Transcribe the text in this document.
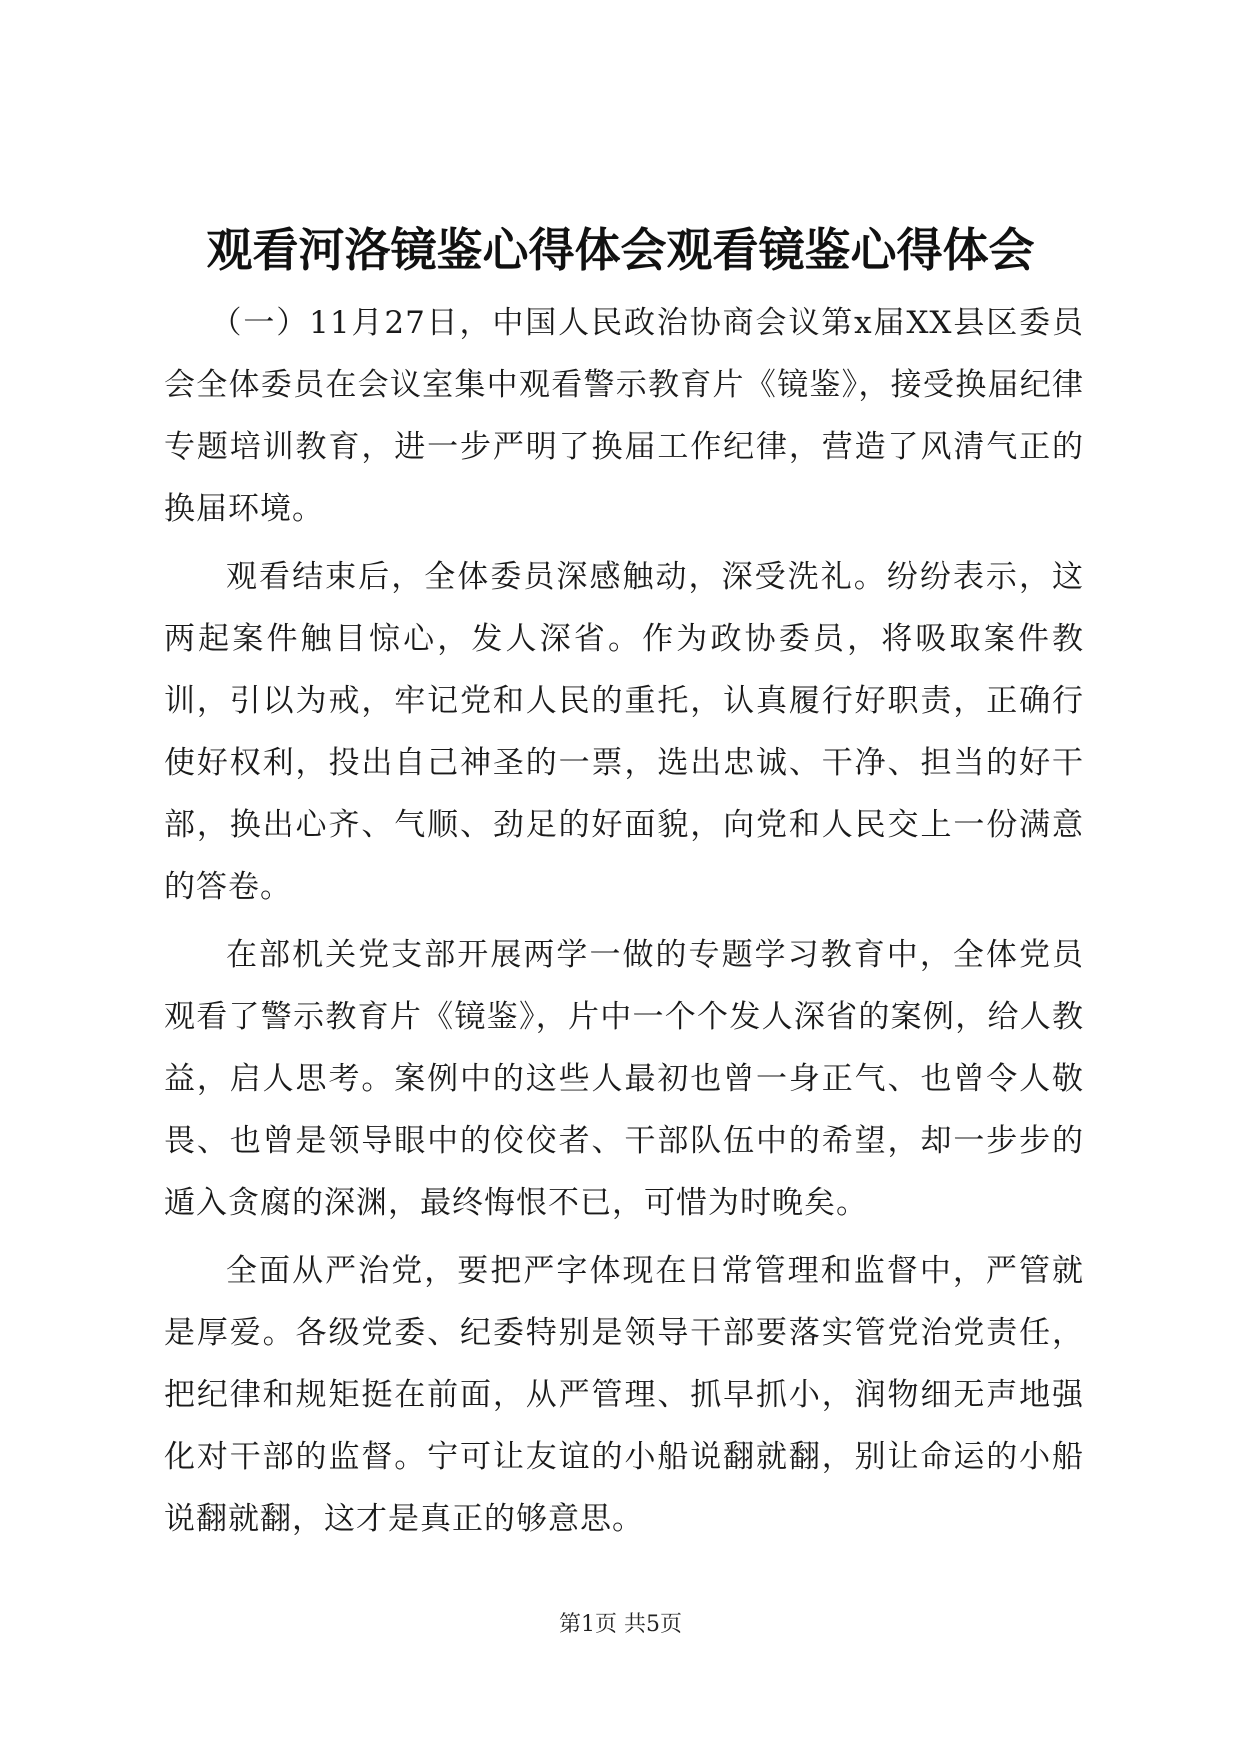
观看河洛镜鉴心得体会观看镜鉴心得体会

（一）11月27日，中国人民政治协商会议第x届XX县区委员会全体委员在会议室集中观看警示教育片《镜鉴》，接受换届纪律专题培训教育，进一步严明了换届工作纪律，营造了风清气正的换届环境。

观看结束后，全体委员深感触动，深受洗礼。纷纷表示，这两起案件触目惊心，发人深省。作为政协委员，将吸取案件教训，引以为戒，牢记党和人民的重托，认真履行好职责，正确行使好权利，投出自己神圣的一票，选出忠诚、干净、担当的好干部，换出心齐、气顺、劲足的好面貌，向党和人民交上一份满意的答卷。

在部机关党支部开展两学一做的专题学习教育中，全体党员观看了警示教育片《镜鉴》，片中一个个发人深省的案例，给人教益，启人思考。案例中的这些人最初也曾一身正气、也曾令人敬畏、也曾是领导眼中的佼佼者、干部队伍中的希望，却一步步的遁入贪腐的深渊，最终悔恨不已，可惜为时晚矣。

全面从严治党，要把严字体现在日常管理和监督中，严管就是厚爱。各级党委、纪委特别是领导干部要落实管党治党责任，把纪律和规矩挺在前面，从严管理、抓早抓小，润物细无声地强化对干部的监督。宁可让友谊的小船说翻就翻，别让命运的小船说翻就翻，这才是真正的够意思。

第1页 共5页
